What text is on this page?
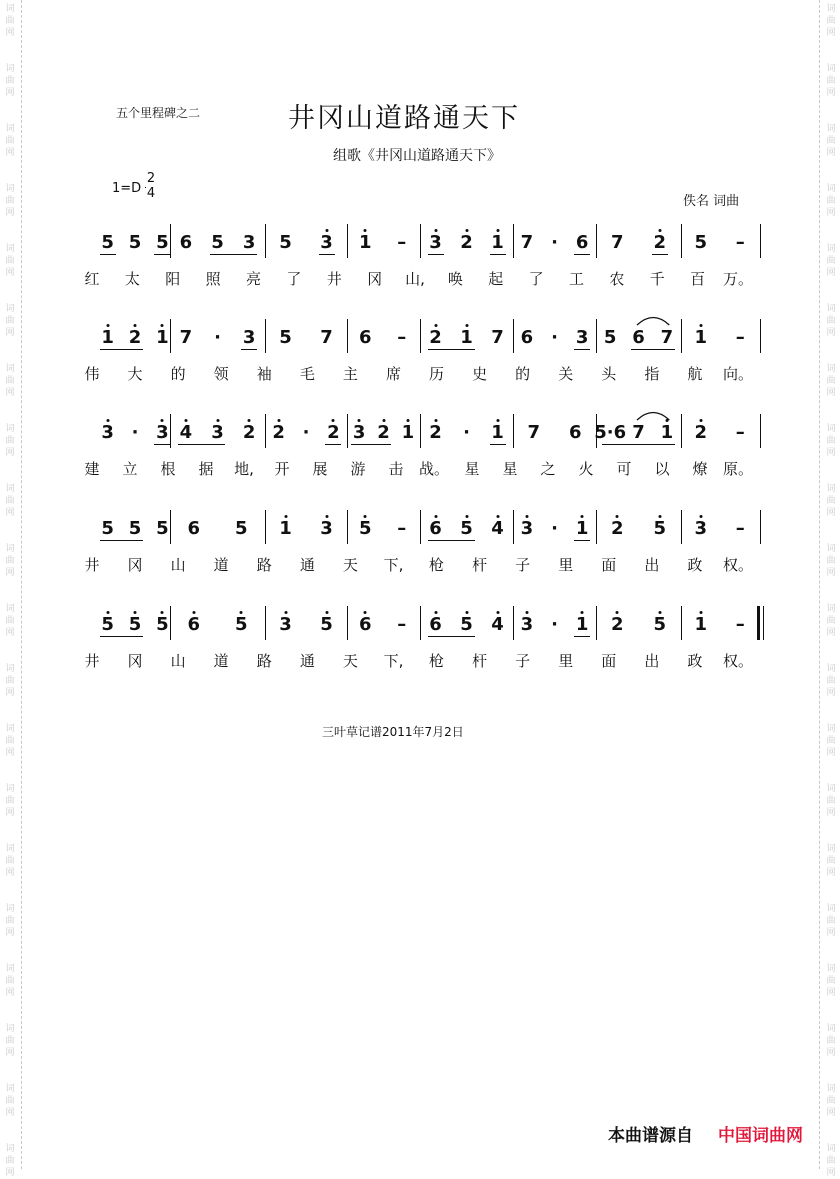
词
曲
网
词
曲
网
词
曲
网
词
曲
网
词
曲
网
词
曲
网
词
曲
网
词
曲
网
词
曲
网
词
曲
网
词
曲
网
词
曲
网
词
曲
网
词
曲
网
词
曲
网
词
曲
网
词
曲
网
词
曲
网
词
曲
网
词
曲
网
词
曲
网
词
曲
网
词
曲
网
词
曲
网
词
曲
网
词
曲
网
词
曲
网
词
曲
网
词
曲
网
词
曲
网
词
曲
网
词
曲
网
词
曲
网
词
曲
网
词
曲
网
词
曲
网
词
曲
网
词
曲
网
词
曲
网
词
曲
网
五个里程碑之二	井冈山道路通天下
组歌《井冈山道路通天下》
1=D
2
4
佚名 词曲
5 5 5 6 5 3 5 3 1 – 3 2 1 7 · 6 7 2 5 –
红 太 阳 照 亮 了 井 冈 山, 唤 起 了 工 农 千 百 万。
1 2 1 7 · 3 5 7 6 – 2 1 7 6 · 3 5 6 7 1 –
伟 大 的 领 袖 毛 主 席 历 史 的 关 头 指 航 向。
3 · 3 4 3 2 2 · 2 3 2 1 2 · 1 7 6 5·6 7 1 2 –
建 立 根 据 地, 开 展 游 击 战。 星 星 之 火 可 以 燎 原。
5 5 5 6 5 1 3 5 – 6 5 4 3 · 1 2 5 3 –
井 冈 山 道 路 通 天 下, 枪 杆 子 里 面 出 政 权。
5 5 5 6 5 3 5 6 – 6 5 4 3 · 1 2 5 1 –
井 冈 山 道 路 通 天 下, 枪 杆 子 里 面 出 政 权。
三叶草记谱2011年7月2日
本曲谱源自 中国词曲网
